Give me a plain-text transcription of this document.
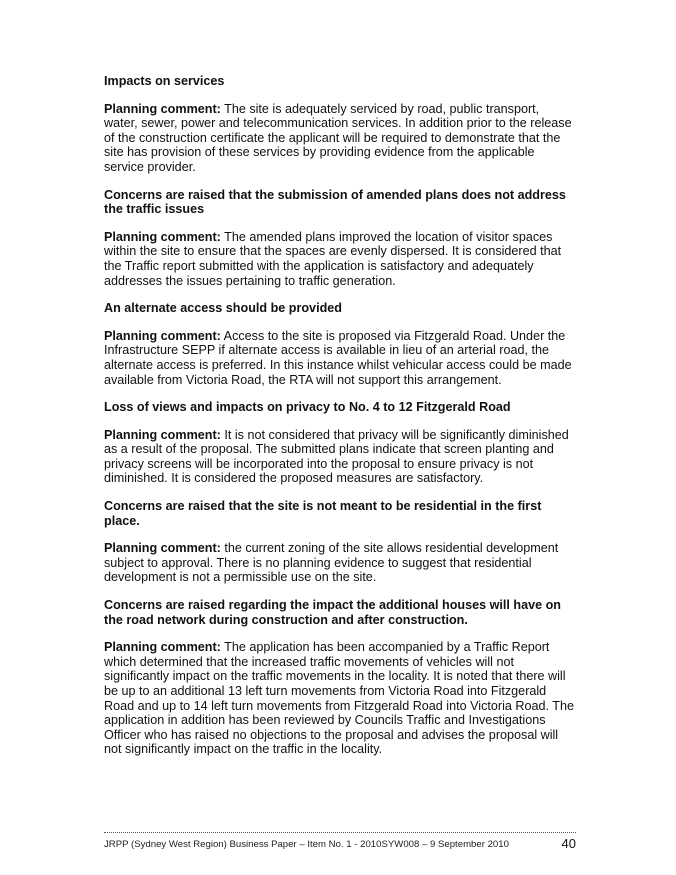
Impacts on services

Planning comment: The site is adequately serviced by road, public transport, water, sewer, power and telecommunication services. In addition prior to the release of the construction certificate the applicant will be required to demonstrate that the site has provision of these services by providing evidence from the applicable service provider.

Concerns are raised that the submission of amended plans does not address the traffic issues

Planning comment: The amended plans improved the location of visitor spaces within the site to ensure that the spaces are evenly dispersed. It is considered that the Traffic report submitted with the application is satisfactory and adequately addresses the issues pertaining to traffic generation.

An alternate access should be provided

Planning comment: Access to the site is proposed via Fitzgerald Road. Under the Infrastructure SEPP if alternate access is available in lieu of an arterial road, the alternate access is preferred. In this instance whilst vehicular access could be made available from Victoria Road, the RTA will not support this arrangement.

Loss of views and impacts on privacy to No. 4 to 12 Fitzgerald Road

Planning comment: It is not considered that privacy will be significantly diminished as a result of the proposal. The submitted plans indicate that screen planting and privacy screens will be incorporated into the proposal to ensure privacy is not diminished. It is considered the proposed measures are satisfactory.

Concerns are raised that the site is not meant to be residential in the first place.

Planning comment: the current zoning of the site allows residential development subject to approval. There is no planning evidence to suggest that residential development is not a permissible use on the site.

Concerns are raised regarding the impact the additional houses will have on the road network during construction and after construction.

Planning comment: The application has been accompanied by a Traffic Report which determined that the increased traffic movements of vehicles will not significantly impact on the traffic movements in the locality. It is noted that there will be up to an additional 13 left turn movements from Victoria Road into Fitzgerald Road and up to 14 left turn movements from Fitzgerald Road into Victoria Road. The application in addition has been reviewed by Councils Traffic and Investigations Officer who has raised no objections to the proposal and advises the proposal will not significantly impact on the traffic in the locality.

JRPP (Sydney West Region) Business Paper – Item No. 1 - 2010SYW008 – 9 September 2010	40
